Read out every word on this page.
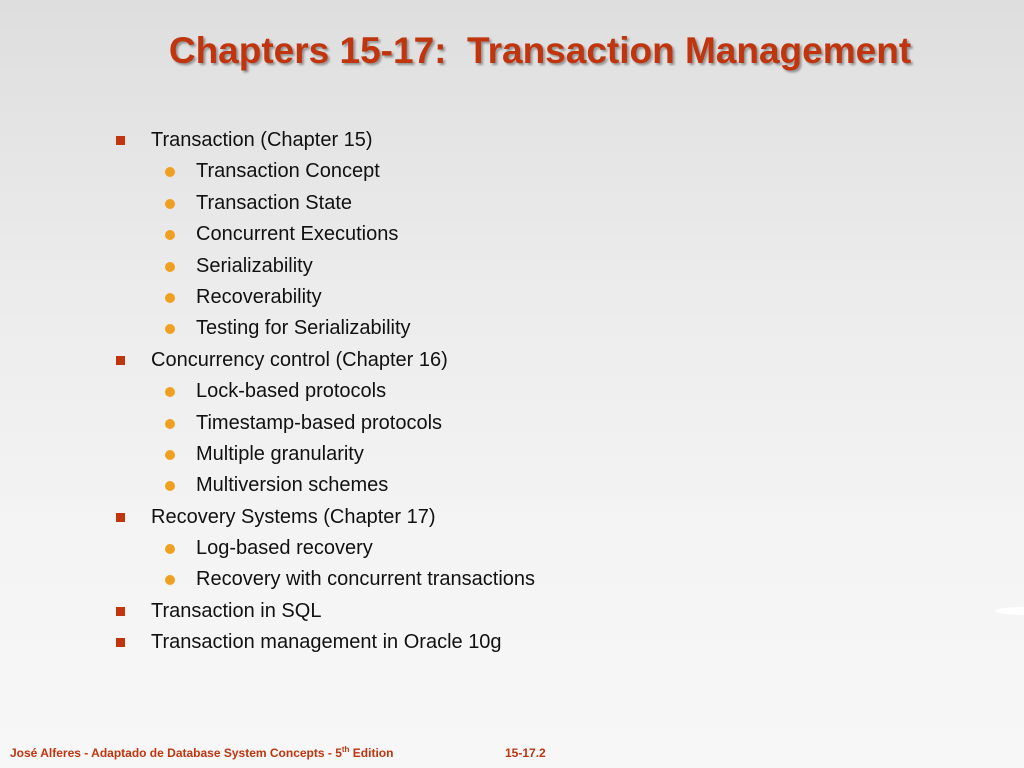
Chapters 15-17:  Transaction Management
Transaction (Chapter 15)
Transaction Concept
Transaction State
Concurrent Executions
Serializability
Recoverability
Testing for Serializability
Concurrency control (Chapter 16)
Lock-based protocols
Timestamp-based protocols
Multiple granularity
Multiversion schemes
Recovery Systems (Chapter 17)
Log-based recovery
Recovery with concurrent transactions
Transaction in SQL
Transaction management in Oracle 10g
José Alferes - Adaptado de Database System Concepts - 5th Edition	15-17.2
